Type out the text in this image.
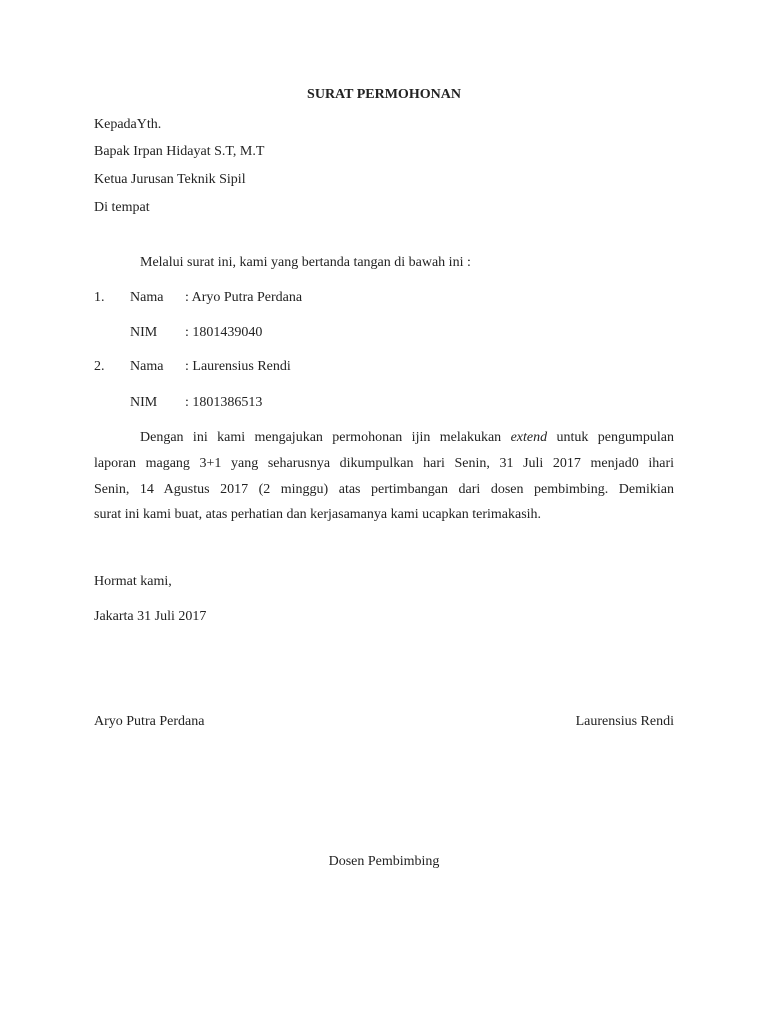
SURAT PERMOHONAN
KepadaYth.
Bapak Irpan Hidayat S.T, M.T
Ketua Jurusan Teknik Sipil
Di tempat
Melalui surat ini, kami yang bertanda tangan di bawah ini :
1. Nama : Aryo Putra Perdana
NIM : 1801439040
2. Nama : Laurensius Rendi
NIM : 1801386513
Dengan ini kami mengajukan permohonan ijin melakukan extend untuk pengumpulan
laporan magang 3+1 yang seharusnya dikumpulkan hari Senin, 31 Juli 2017 menjad0 ihari
Senin, 14 Agustus 2017 (2 minggu) atas pertimbangan dari dosen pembimbing. Demikian
surat ini kami buat, atas perhatian dan kerjasamanya kami ucapkan terimakasih.
Hormat kami,
Jakarta 31 Juli 2017
Aryo Putra Perdana	Laurensius Rendi
Dosen Pembimbing
